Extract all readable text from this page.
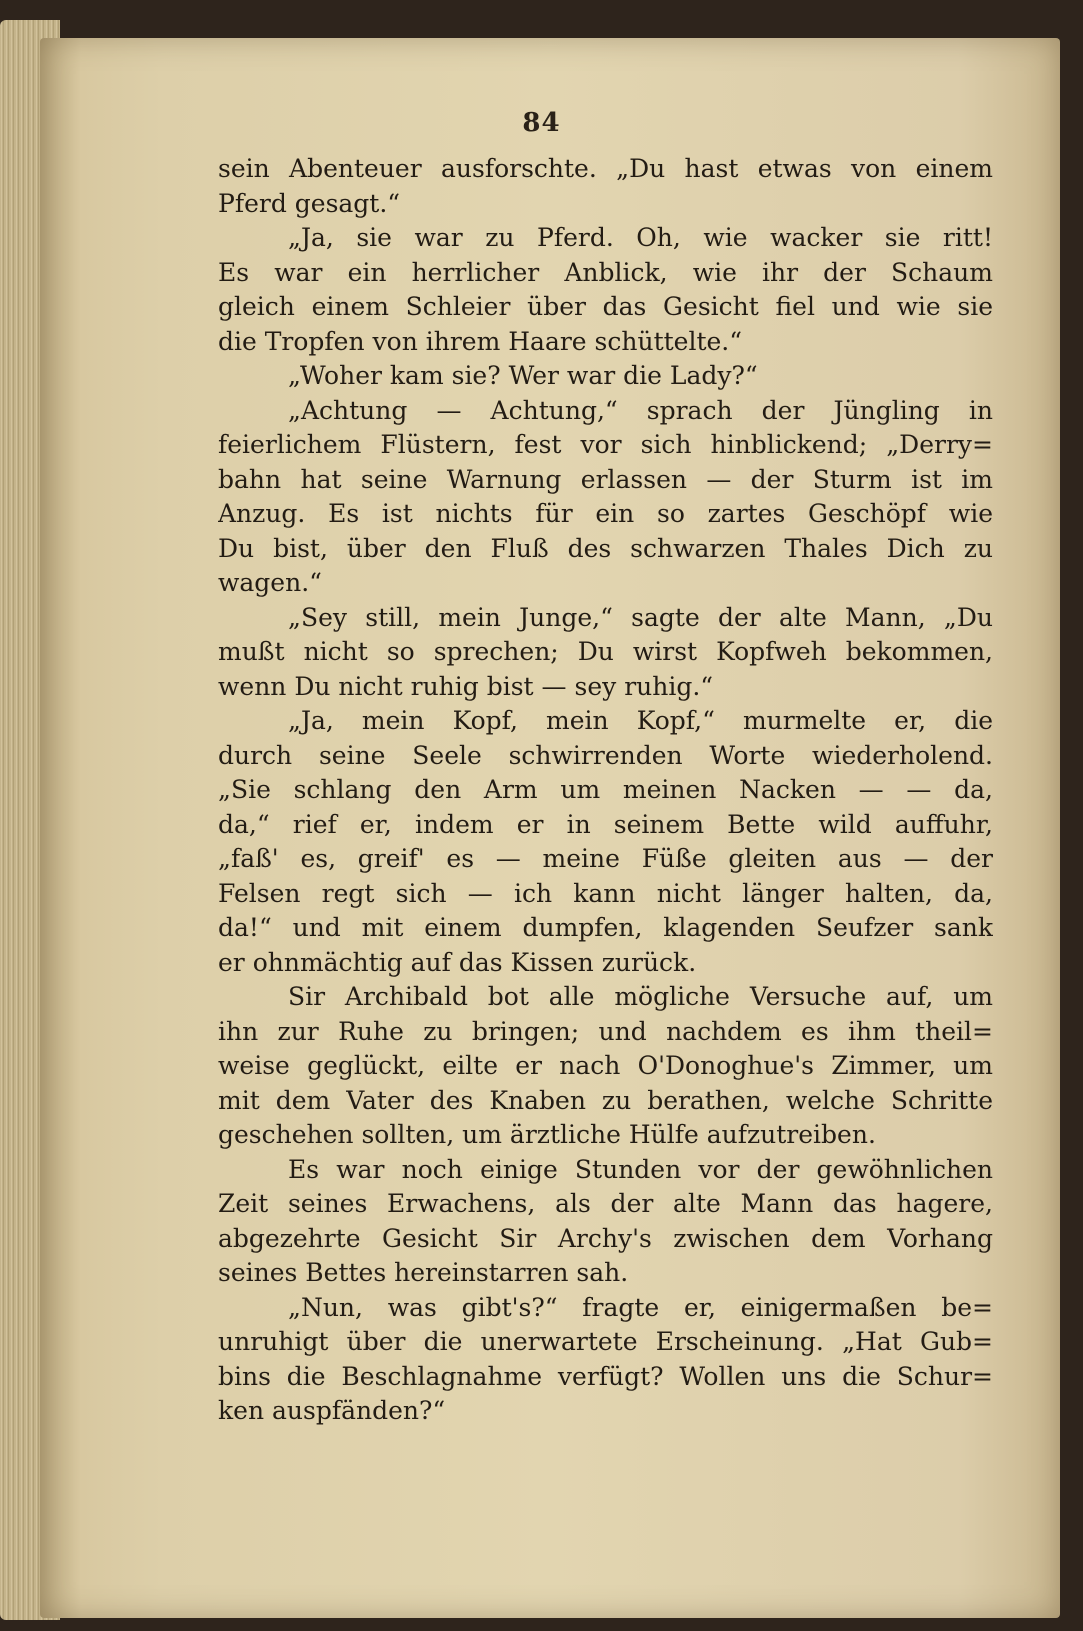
84
sein Abenteuer ausforschte. „Du hast etwas von einem
Pferd gesagt.“
„Ja, sie war zu Pferd. Oh, wie wacker sie ritt!
Es war ein herrlicher Anblick, wie ihr der Schaum
gleich einem Schleier über das Gesicht fiel und wie sie
die Tropfen von ihrem Haare schüttelte.“
„Woher kam sie? Wer war die Lady?“
„Achtung — Achtung,“ sprach der Jüngling in
feierlichem Flüstern, fest vor sich hinblickend; „Derry=
bahn hat seine Warnung erlassen — der Sturm ist im
Anzug. Es ist nichts für ein so zartes Geschöpf wie
Du bist, über den Fluß des schwarzen Thales Dich zu
wagen.“
„Sey still, mein Junge,“ sagte der alte Mann, „Du
mußt nicht so sprechen; Du wirst Kopfweh bekommen,
wenn Du nicht ruhig bist — sey ruhig.“
„Ja, mein Kopf, mein Kopf,“ murmelte er, die
durch seine Seele schwirrenden Worte wiederholend.
„Sie schlang den Arm um meinen Nacken — — da,
da,“ rief er, indem er in seinem Bette wild auffuhr,
„faß' es, greif' es — meine Füße gleiten aus — der
Felsen regt sich — ich kann nicht länger halten, da,
da!“ und mit einem dumpfen, klagenden Seufzer sank
er ohnmächtig auf das Kissen zurück.
Sir Archibald bot alle mögliche Versuche auf, um
ihn zur Ruhe zu bringen; und nachdem es ihm theil=
weise geglückt, eilte er nach O'Donoghue's Zimmer, um
mit dem Vater des Knaben zu berathen, welche Schritte
geschehen sollten, um ärztliche Hülfe aufzutreiben.
Es war noch einige Stunden vor der gewöhnlichen
Zeit seines Erwachens, als der alte Mann das hagere,
abgezehrte Gesicht Sir Archy's zwischen dem Vorhang
seines Bettes hereinstarren sah.
„Nun, was gibt's?“ fragte er, einigermaßen be=
unruhigt über die unerwartete Erscheinung. „Hat Gub=
bins die Beschlagnahme verfügt? Wollen uns die Schur=
ken auspfänden?“
